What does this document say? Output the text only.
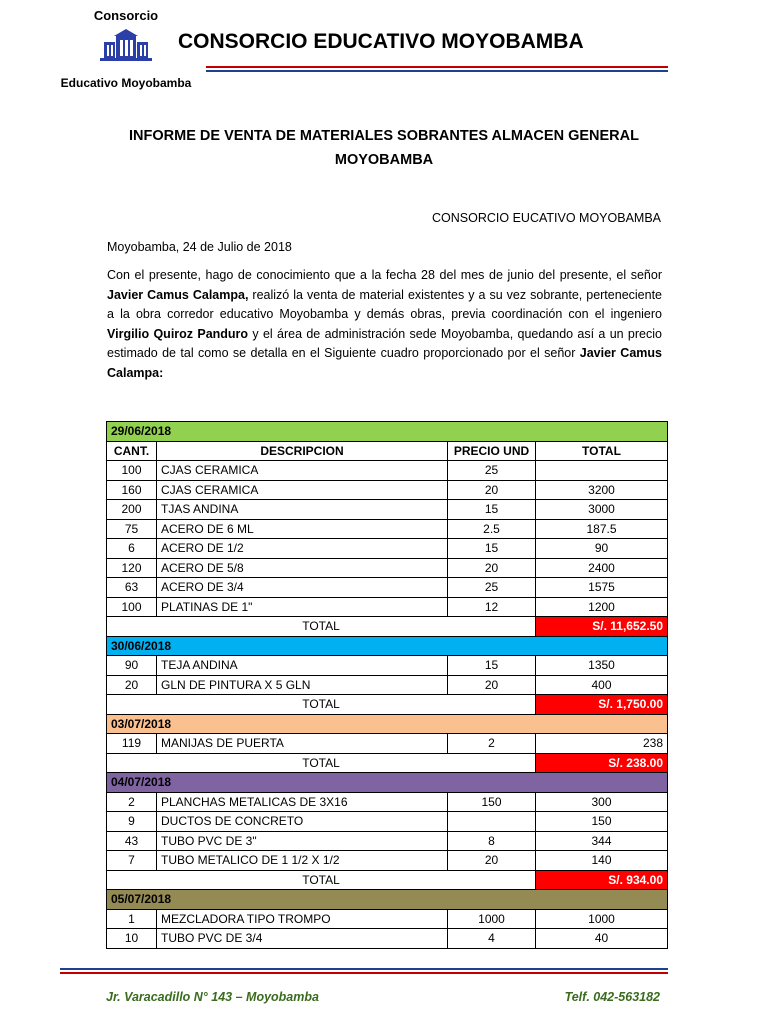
Consorcio
Educativo Moyobamba
CONSORCIO EDUCATIVO MOYOBAMBA
INFORME DE VENTA DE MATERIALES SOBRANTES ALMACEN GENERAL
MOYOBAMBA
CONSORCIO EUCATIVO MOYOBAMBA
Moyobamba, 24 de Julio de 2018
Con el presente, hago de conocimiento que a la fecha 28 del mes de junio del presente, el señor Javier Camus Calampa, realizó la venta de material existentes y a su vez sobrante, perteneciente a la obra corredor educativo Moyobamba y demás obras, previa coordinación con el ingeniero Virgilio Quiroz Panduro y el área de administración sede Moyobamba, quedando así a un precio estimado de tal como se detalla en el Siguiente cuadro proporcionado por el señor Javier Camus Calampa:
29/06/2018			
CANT.	DESCRIPCION	PRECIO UND	TOTAL
100	CJAS CERAMICA	25	
160	CJAS CERAMICA	20	3200
200	TJAS ANDINA	15	3000
75	ACERO DE 6 ML	2.5	187.5
6	ACERO DE 1/2	15	90
120	ACERO DE 5/8	20	2400
63	ACERO DE 3/4	25	1575
100	PLATINAS DE 1"	12	1200
TOTAL			S/. 11,652.50
30/06/2018			
90	TEJA ANDINA	15	1350
20	GLN DE PINTURA X 5 GLN	20	400
TOTAL			S/. 1,750.00
03/07/2018			
119	MANIJAS DE PUERTA	2	238
TOTAL			S/. 238.00
04/07/2018			
2	PLANCHAS METALICAS DE 3X16	150	300
9	DUCTOS DE CONCRETO		150
43	TUBO PVC DE 3"	8	344
7	TUBO METALICO DE 1 1/2 X 1/2	20	140
TOTAL			S/. 934.00
05/07/2018			
1	MEZCLADORA TIPO TROMPO	1000	1000
10	TUBO PVC DE 3/4	4	40
Jr. Varacadillo N° 143 – Moyobamba	Telf. 042-563182
